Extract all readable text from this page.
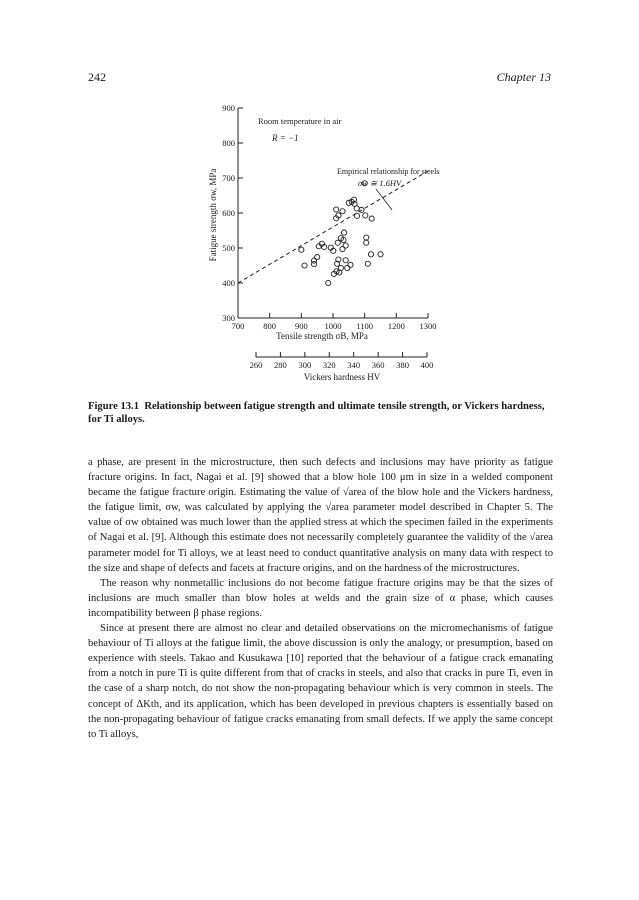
242	Chapter 13
300
400
500
600
700
800
900
700 800 900 1000 1100 1200 1300
260 280 300 320 340 360 380 400
Vickers hardness HV
Tensile strength σB, MPa
Fatigue strength σw, MPa
Room temperature in air
R = −1
Empirical relationship for steels
σw ≅ 1.6HV
Figure 13.1 Relationship between fatigue strength and ultimate tensile strength, or Vickers hardness, for Ti alloys.

a phase, are present in the microstructure, then such defects and inclusions may have priority as fatigue fracture origins. In fact, Nagai et al. [9] showed that a blow hole 100 μm in size in a welded component became the fatigue fracture origin. Estimating the value of √area of the blow hole and the Vickers hardness, the fatigue limit, σw, was calculated by applying the √area parameter model described in Chapter 5. The value of σw obtained was much lower than the applied stress at which the specimen failed in the experiments of Nagai et al. [9]. Although this estimate does not necessarily completely guarantee the validity of the √area parameter model for Ti alloys, we at least need to conduct quantitative analysis on many data with respect to the size and shape of defects and facets at fracture origins, and on the hardness of the microstructures.

The reason why nonmetallic inclusions do not become fatigue fracture origins may be that the sizes of inclusions are much smaller than blow holes at welds and the grain size of α phase, which causes incompatibility between β phase regions.

Since at present there are almost no clear and detailed observations on the micromechanisms of fatigue behaviour of Ti alloys at the fatigue limit, the above discussion is only the analogy, or presumption, based on experience with steels. Takao and Kusukawa [10] reported that the behaviour of a fatigue crack emanating from a notch in pure Ti is quite different from that of cracks in steels, and also that cracks in pure Ti, even in the case of a sharp notch, do not show the non-propagating behaviour which is very common in steels. The concept of ΔKth, and its application, which has been developed in previous chapters is essentially based on the non-propagating behaviour of fatigue cracks emanating from small defects. If we apply the same concept to Ti alloys,
